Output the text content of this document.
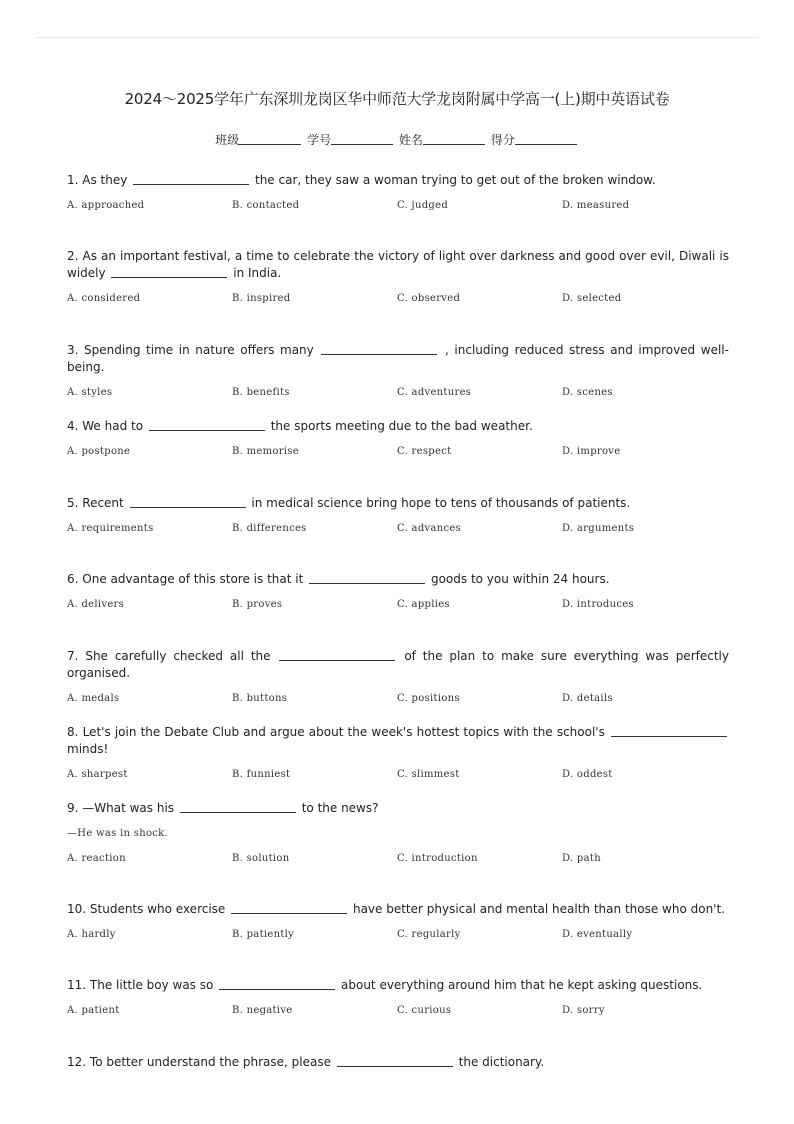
2024～2025学年广东深圳龙岗区华中师范大学龙岗附属中学高一(上)期中英语试卷
班级	学号	姓名	得分
1. As they	the car, they saw a woman trying to get out of the broken window.
A. approached	B. contacted	C. judged	D. measured
2. As an important festival, a time to celebrate the victory of light over darkness and good over evil, Diwali is widely	in India.
A. considered	B. inspired	C. observed	D. selected
3. Spending time in nature offers many	, including reduced stress and improved well-being.
A. styles	B. benefits	C. adventures	D. scenes
4. We had to	the sports meeting due to the bad weather.
A. postpone	B. memorise	C. respect	D. improve
5. Recent	in medical science bring hope to tens of thousands of patients.
A. requirements	B. differences	C. advances	D. arguments
6. One advantage of this store is that it	goods to you within 24 hours.
A. delivers	B. proves	C. applies	D. introduces
7. She carefully checked all the	of the plan to make sure everything was perfectly organised.
A. medals	B. buttons	C. positions	D. details
8. Let's join the Debate Club and argue about the week's hottest topics with the school's  minds!
A. sharpest	B. funniest	C. slimmest	D. oddest
9. —What was his	to the news?
—He was in shock.
A. reaction	B. solution	C. introduction	D. path
10. Students who exercise	have better physical and mental health than those who don't.
A. hardly	B. patiently	C. regularly	D. eventually
11. The little boy was so	about everything around him that he kept asking questions.
A. patient	B. negative	C. curious	D. sorry
12. To better understand the phrase, please	the dictionary.
